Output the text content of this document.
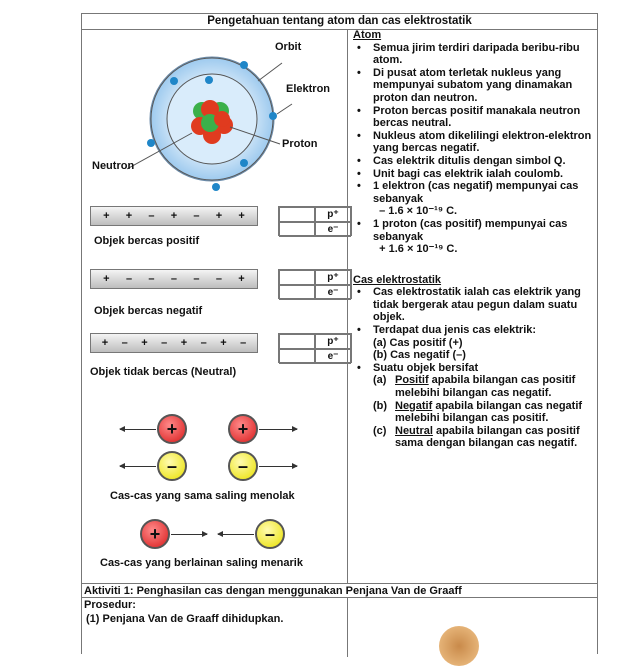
Pengetahuan tentang atom dan cas elektrostatik
Orbit
Elektron
Proton
Neutron
+ + – + – + +
Objek bercas positif
p⁺
e⁻
+ – – – – – +
Objek bercas negatif
p⁺
e⁻
+ – + – + – + –
Objek tidak bercas (Neutral)
p⁺
e⁻
+	+
–	–
Cas-cas yang sama saling menolak
+	–
Cas-cas yang berlainan saling menarik
Atom
• Semua jirim terdiri daripada beribu-ribu atom.
• Di pusat atom terletak nukleus yang mempunyai subatom yang dinamakan proton dan neutron.
• Proton bercas positif manakala neutron bercas neutral.
• Nukleus atom dikelilingi elektron-elektron yang bercas negatif.
• Cas elektrik ditulis dengan simbol Q.
• Unit bagi cas elektrik ialah coulomb.
• 1 elektron (cas negatif) mempunyai cas sebanyak
– 1.6 × 10⁻¹⁹ C.
• 1 proton (cas positif) mempunyai cas sebanyak
+ 1.6 × 10⁻¹⁹ C.
Cas elektrostatik
• Cas elektrostatik ialah cas elektrik yang tidak bergerak atau pegun dalam suatu objek.
• Terdapat dua jenis cas elektrik:
(a) Cas positif (+)
(b) Cas negatif (–)
• Suatu objek bersifat
(a) Positif apabila bilangan cas positif melebihi bilangan cas negatif.
(b) Negatif apabila bilangan cas negatif melebihi bilangan cas positif.
(c) Neutral apabila bilangan cas positif sama dengan bilangan cas negatif.
Aktiviti 1: Penghasilan cas dengan menggunakan Penjana Van de Graaff
Prosedur:
(1) Penjana Van de Graaff dihidupkan.
